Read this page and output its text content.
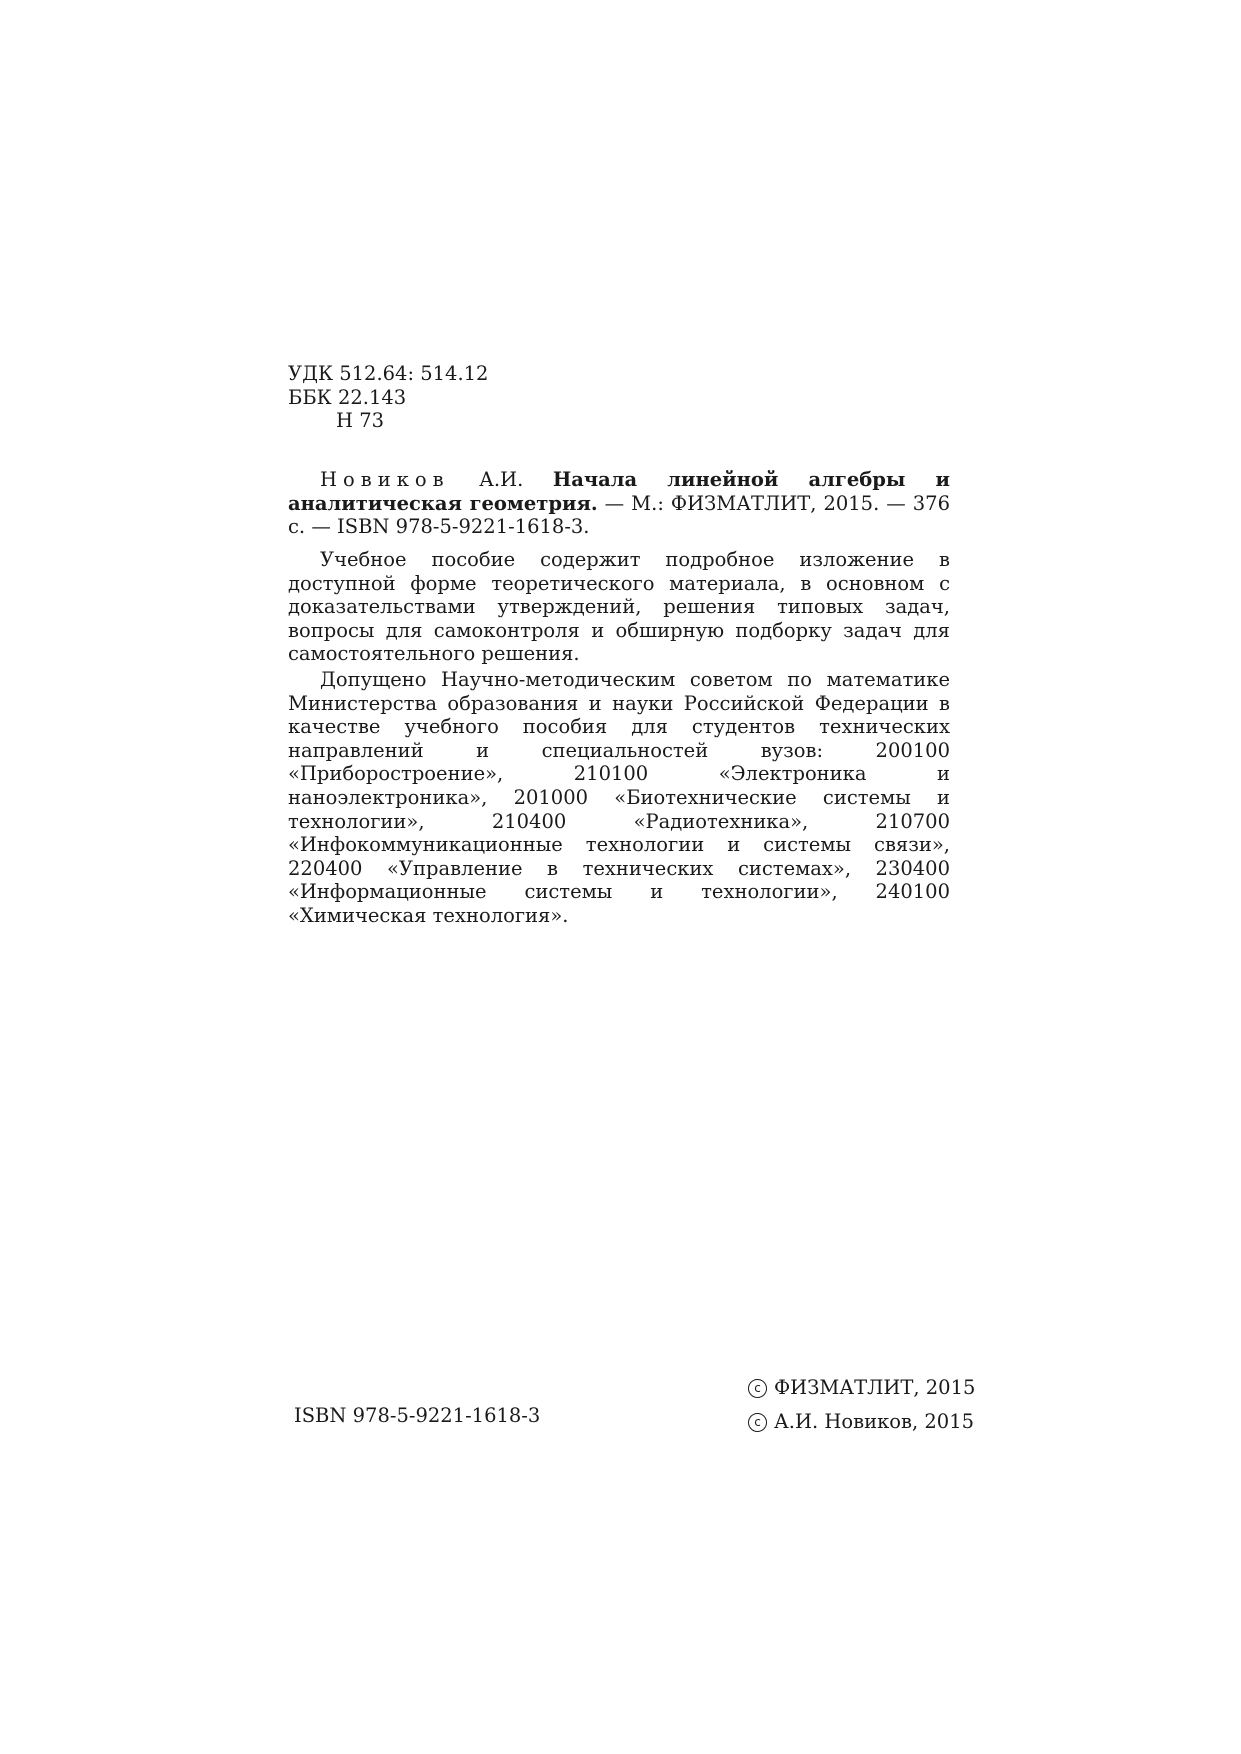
УДК 512.64: 514.12
ББК 22.143
Н 73
Новиков А.И. Начала линейной алгебры и аналитическая геометрия. — М.: ФИЗМАТЛИТ, 2015. — 376 с. — ISBN 978-5-9221-1618-3.
Учебное пособие содержит подробное изложение в доступной форме теоретического материала, в основном с доказательствами утверждений, решения типовых задач, вопросы для самоконтроля и обширную подборку задач для самостоятельного решения.
Допущено Научно-методическим советом по математике Министерства образования и науки Российской Федерации в качестве учебного пособия для студентов технических направлений и специальностей вузов: 200100 «Приборостроение», 210100 «Электроника и наноэлектроника», 201000 «Биотехнические системы и технологии», 210400 «Радиотехника», 210700 «Инфокоммуникационные технологии и системы связи», 220400 «Управление в технических системах», 230400 «Информационные системы и технологии», 240100 «Химическая технология».
ISBN 978-5-9221-1618-3
c ФИЗМАТЛИТ, 2015
c А.И. Новиков, 2015
